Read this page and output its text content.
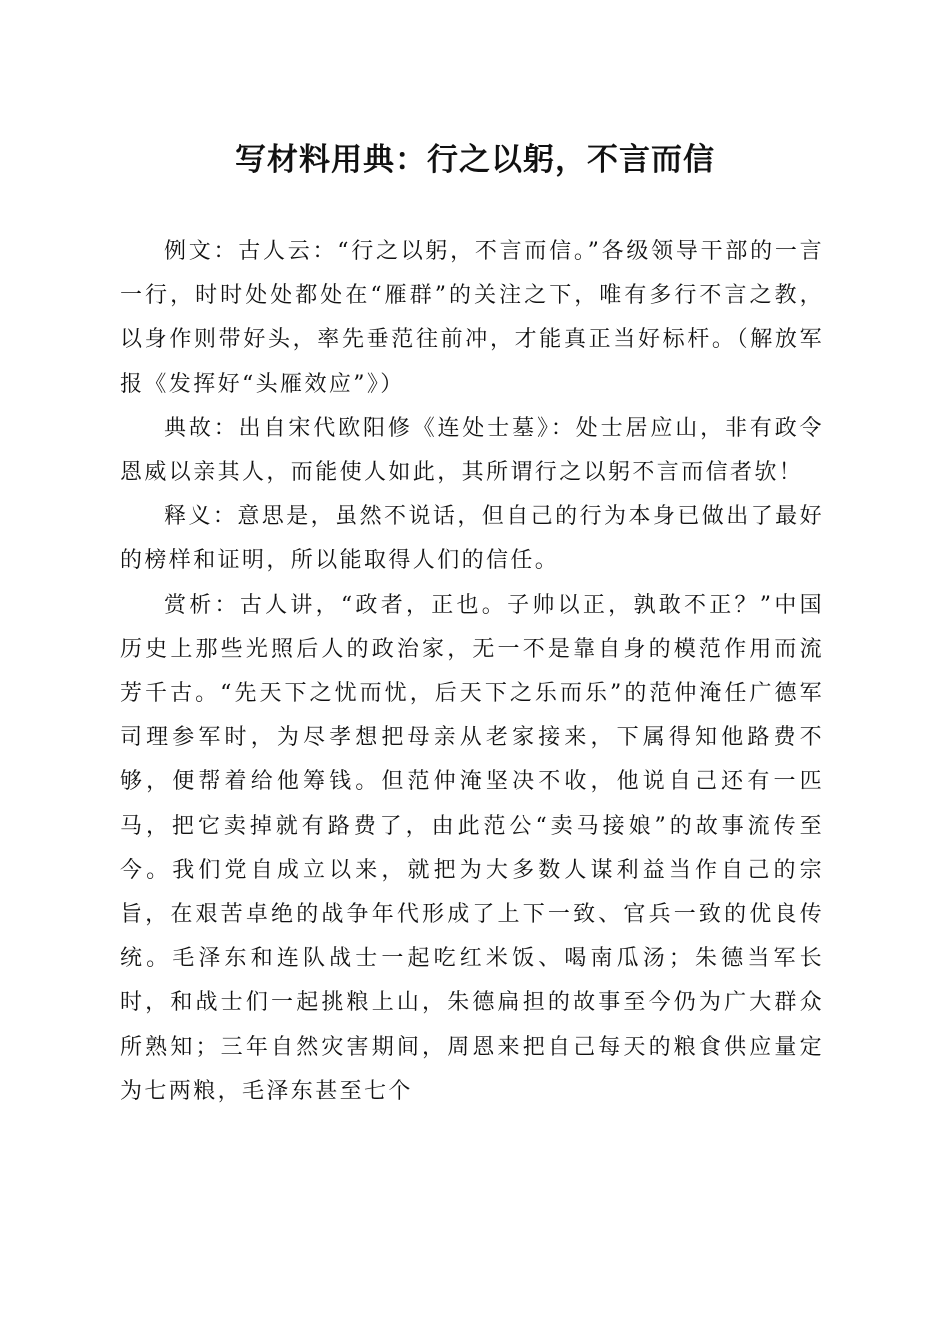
写材料用典：行之以躬，不言而信

例文：古人云：“行之以躬，不言而信。”各级领导干部的一言一行，时时处处都处在“雁群”的关注之下，唯有多行不言之教，以身作则带好头，率先垂范往前冲，才能真正当好标杆。（解放军报《发挥好“头雁效应”》）

典故：出自宋代欧阳修《连处士墓》：处士居应山，非有政令恩威以亲其人，而能使人如此，其所谓行之以躬不言而信者欤！

释义：意思是，虽然不说话，但自己的行为本身已做出了最好的榜样和证明，所以能取得人们的信任。

赏析：古人讲，“政者，正也。子帅以正，孰敢不正？”中国历史上那些光照后人的政治家，无一不是靠自身的模范作用而流芳千古。“先天下之忧而忧，后天下之乐而乐”的范仲淹任广德军司理参军时，为尽孝想把母亲从老家接来，下属得知他路费不够，便帮着给他筹钱。但范仲淹坚决不收，他说自己还有一匹马，把它卖掉就有路费了，由此范公“卖马接娘”的故事流传至今。我们党自成立以来，就把为大多数人谋利益当作自己的宗旨，在艰苦卓绝的战争年代形成了上下一致、官兵一致的优良传统。毛泽东和连队战士一起吃红米饭、喝南瓜汤；朱德当军长时，和战士们一起挑粮上山，朱德扁担的故事至今仍为广大群众所熟知；三年自然灾害期间，周恩来把自己每天的粮食供应量定为七两粮，毛泽东甚至七个
